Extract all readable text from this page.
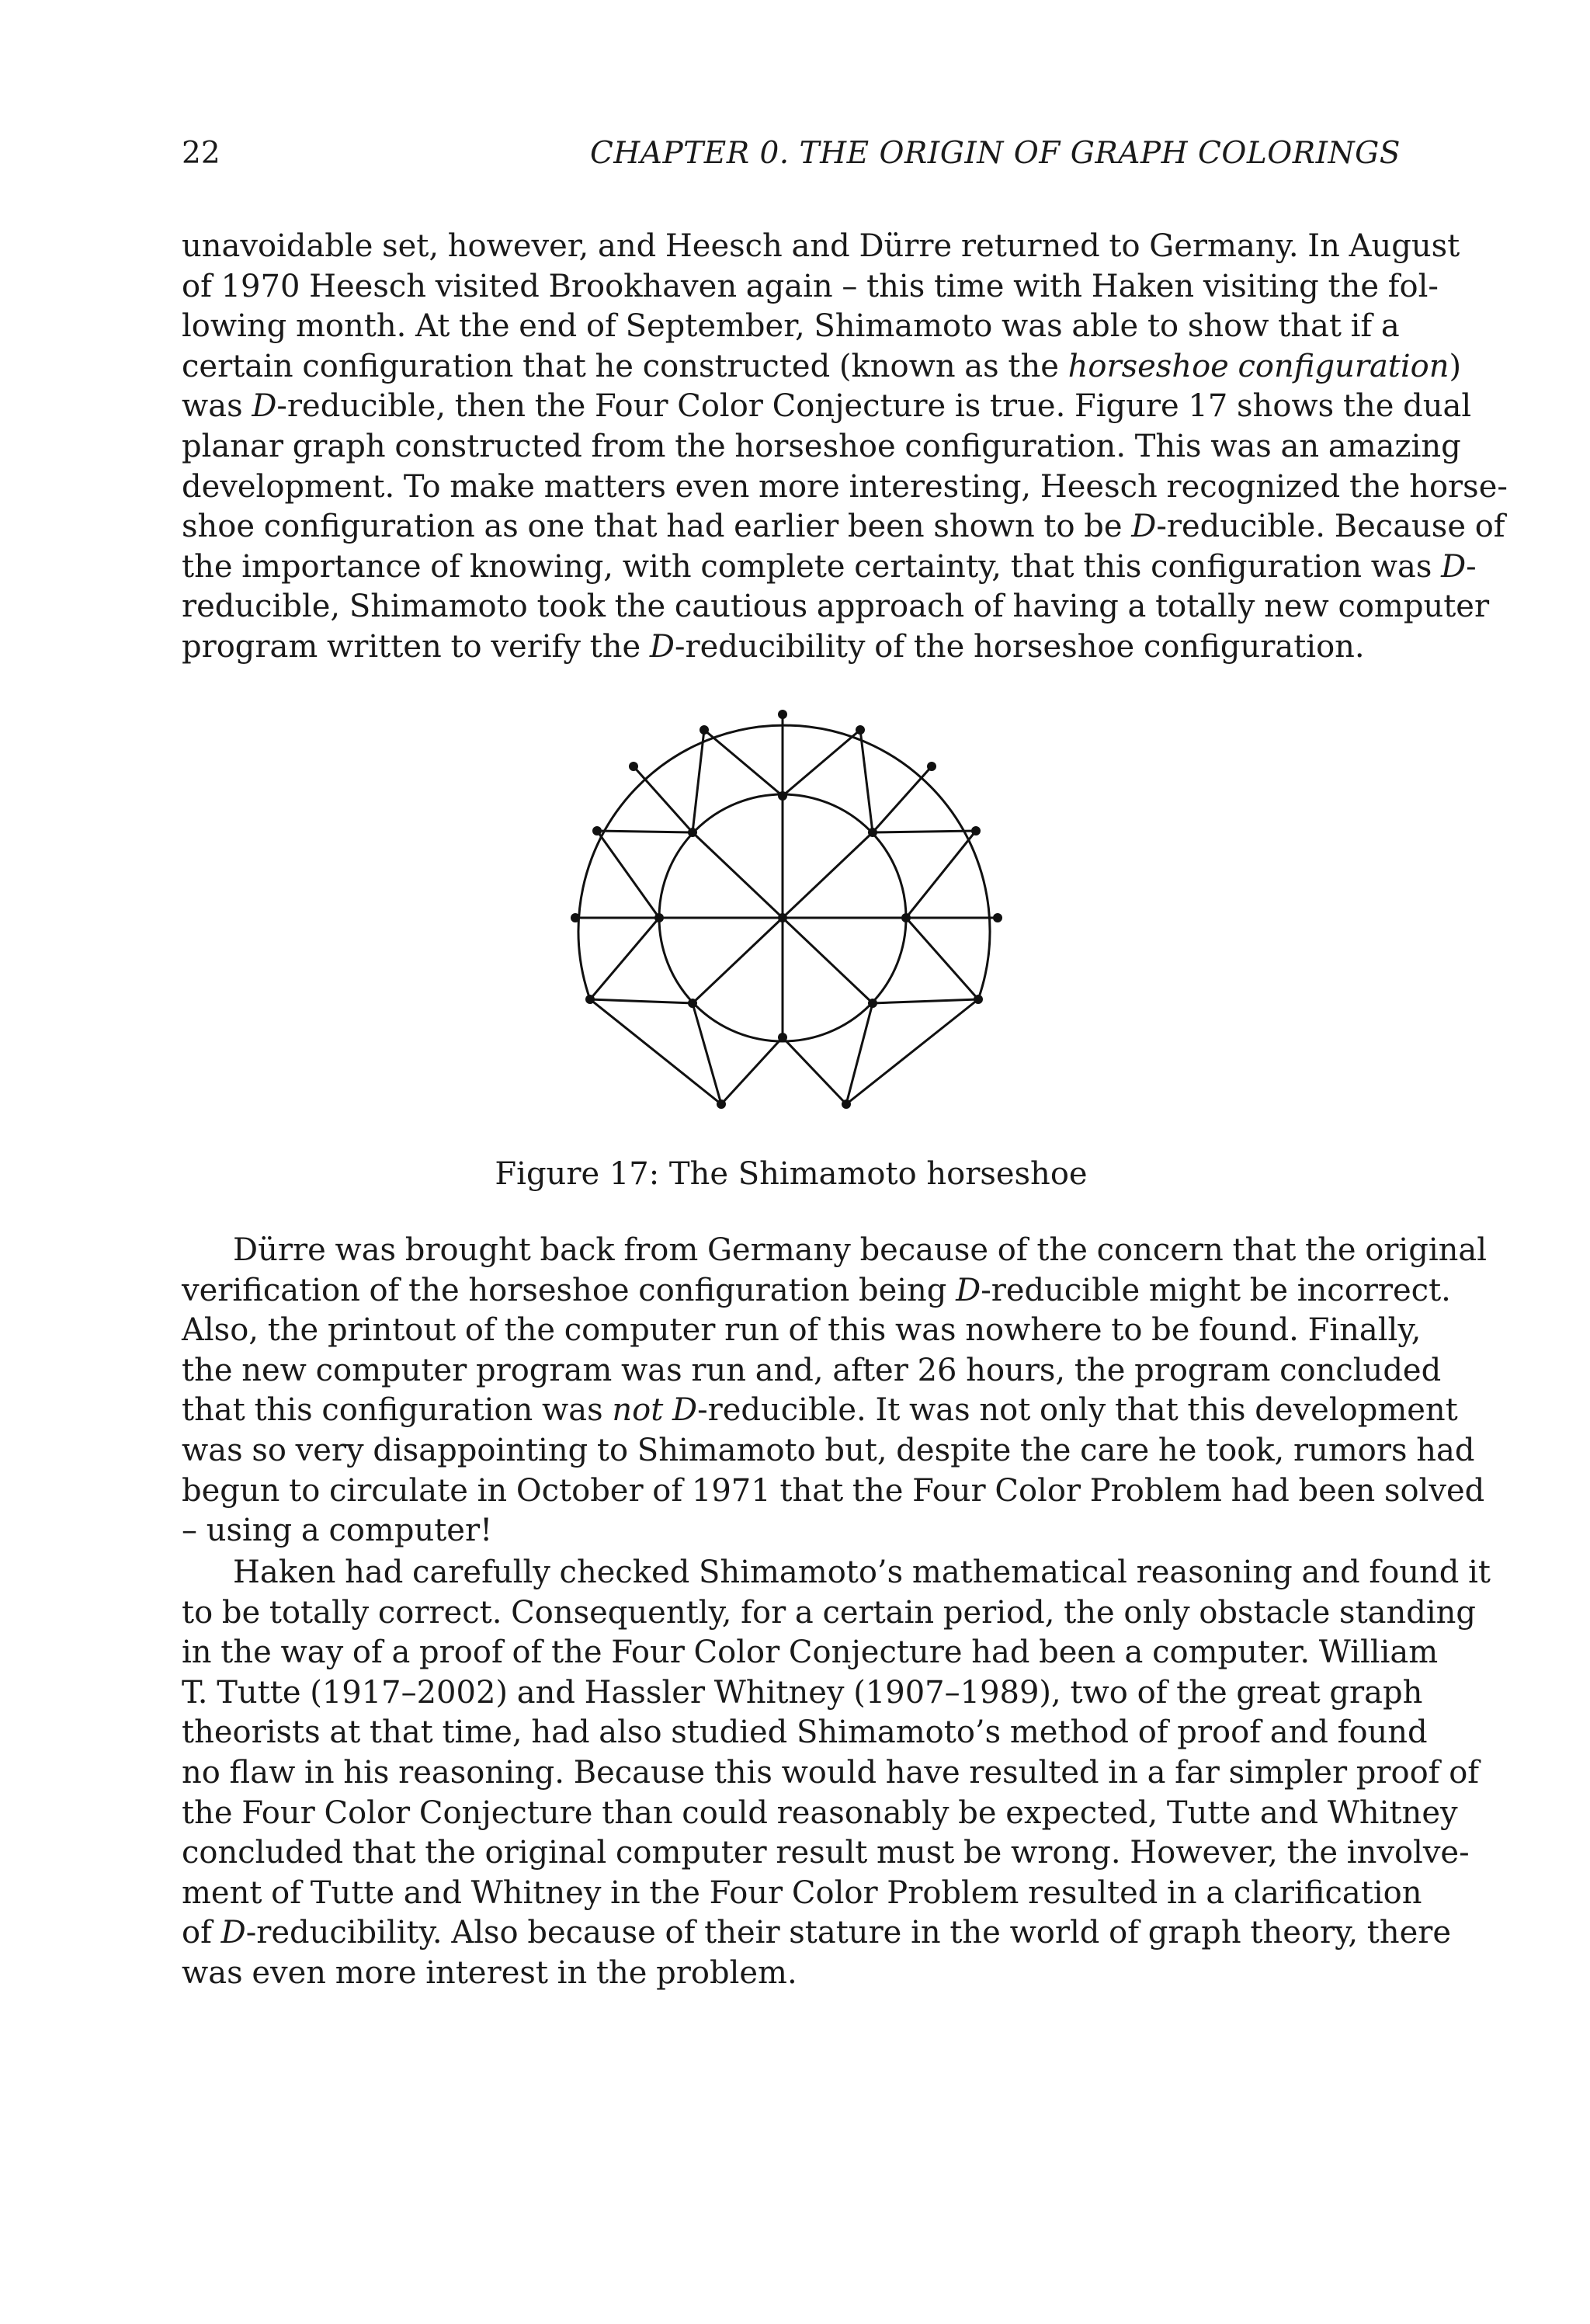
22	CHAPTER 0. THE ORIGIN OF GRAPH COLORINGS
unavoidable set, however, and Heesch and Dürre returned to Germany. In August
of 1970 Heesch visited Brookhaven again – this time with Haken visiting the fol-
lowing month. At the end of September, Shimamoto was able to show that if a
certain configuration that he constructed (known as the horseshoe configuration)
was D-reducible, then the Four Color Conjecture is true. Figure 17 shows the dual
planar graph constructed from the horseshoe configuration. This was an amazing
development. To make matters even more interesting, Heesch recognized the horse-
shoe configuration as one that had earlier been shown to be D-reducible. Because of
the importance of knowing, with complete certainty, that this configuration was D-
reducible, Shimamoto took the cautious approach of having a totally new computer
program written to verify the D-reducibility of the horseshoe configuration.
Figure 17: The Shimamoto horseshoe
Dürre was brought back from Germany because of the concern that the original
verification of the horseshoe configuration being D-reducible might be incorrect.
Also, the printout of the computer run of this was nowhere to be found. Finally,
the new computer program was run and, after 26 hours, the program concluded
that this configuration was not D-reducible. It was not only that this development
was so very disappointing to Shimamoto but, despite the care he took, rumors had
begun to circulate in October of 1971 that the Four Color Problem had been solved
– using a computer!
Haken had carefully checked Shimamoto’s mathematical reasoning and found it
to be totally correct. Consequently, for a certain period, the only obstacle standing
in the way of a proof of the Four Color Conjecture had been a computer. William
T. Tutte (1917–2002) and Hassler Whitney (1907–1989), two of the great graph
theorists at that time, had also studied Shimamoto’s method of proof and found
no flaw in his reasoning. Because this would have resulted in a far simpler proof of
the Four Color Conjecture than could reasonably be expected, Tutte and Whitney
concluded that the original computer result must be wrong. However, the involve-
ment of Tutte and Whitney in the Four Color Problem resulted in a clarification
of D-reducibility. Also because of their stature in the world of graph theory, there
was even more interest in the problem.
